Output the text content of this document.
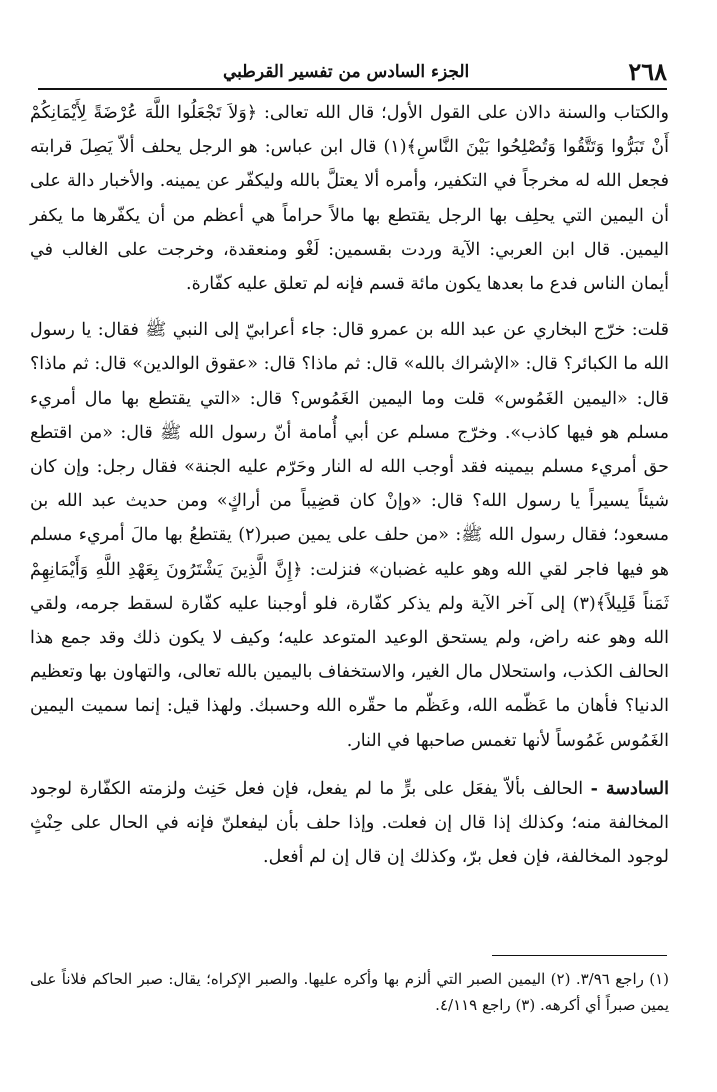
٢٦٨
الجزء السادس من تفسير القرطبي

والكتاب والسنة دالان على القول الأول؛ قال الله تعالى: ﴿وَلاَ تَجْعَلُوا اللَّهَ عُرْضَةً لِأَيْمَانِكُمْ أَنْ تَبَرُّوا وَتَتَّقُوا وَتُصْلِحُوا بَيْنَ النَّاسِ﴾(١) قال ابن عباس: هو الرجل يحلف ألاّ يَصِلَ قرابته فجعل الله له مخرجاً في التكفير، وأمره ألا يعتلَّ بالله وليكفّر عن يمينه. والأخبار دالة على أن اليمين التي يحلِف بها الرجل يقتطع بها مالاً حراماً هي أعظم من أن يكفّرها ما يكفر اليمين. قال ابن العربي: الآية وردت بقسمين: لَغْو ومنعقدة، وخرجت على الغالب في أيمان الناس فدع ما بعدها يكون مائة قسم فإنه لم تعلق عليه كفّارة.

قلت: خرّج البخاري عن عبد الله بن عمرو قال: جاء أعرابيّ إلى النبي ﷺ فقال: يا رسول الله ما الكبائر؟ قال: «الإشراك بالله» قال: ثم ماذا؟ قال: «عقوق الوالدين» قال: ثم ماذا؟ قال: «اليمين الغَمُوس» قلت وما اليمين الغَمُوس؟ قال: «التي يقتطع بها مال أمريء مسلم هو فيها كاذب». وخرّج مسلم عن أبي أُمامة أنّ رسول الله ﷺ قال: «من اقتطع حق أمريء مسلم بيمينه فقد أوجب الله له النار وحَرّم عليه الجنة» فقال رجل: وإن كان شيئاً يسيراً يا رسول الله؟ قال: «وإنْ كان قضِيباً من أراكٍ» ومن حديث عبد الله بن مسعود؛ فقال رسول الله ﷺ: «من حلف على يمين صبر(٢) يقتطعُ بها مالَ أمريء مسلم هو فيها فاجر لقي الله وهو عليه غضبان» فنزلت: ﴿إِنَّ الَّذِينَ يَشْتَرُونَ بِعَهْدِ اللَّهِ وَأَيْمَانِهِمْ ثَمَناً قَلِيلاً﴾(٣) إلى آخر الآية ولم يذكر كفّارة، فلو أوجبنا عليه كفّارة لسقط جرمه، ولقي الله وهو عنه راض، ولم يستحق الوعيد المتوعد عليه؛ وكيف لا يكون ذلك وقد جمع هذا الحالف الكذب، واستحلال مال الغير، والاستخفاف باليمين بالله تعالى، والتهاون بها وتعظيم الدنيا؟ فأهان ما عَظّمه الله، وعَظّم ما حقّره الله وحسبك. ولهذا قيل: إنما سميت اليمين الغَمُوس غَمُوساً لأنها تغمس صاحبها في النار.

السادسة - الحالف بألاّ يفعَل على برٍّ ما لم يفعل، فإن فعل حَنِث ولزمته الكفّارة لوجود المخالفة منه؛ وكذلك إذا قال إن فعلت. وإذا حلف بأن ليفعلنّ فإنه في الحال على حِنْثٍ لوجود المخالفة، فإن فعل برّ، وكذلك إن قال إن لم أفعل.

(١) راجع ٣/٩٦. (٢) اليمين الصبر التي ألزم بها وأكره عليها. والصبر الإكراه؛ يقال: صبر الحاكم فلاناً على يمين صبراً أي أكرهه. (٣) راجع ٤/١١٩.
